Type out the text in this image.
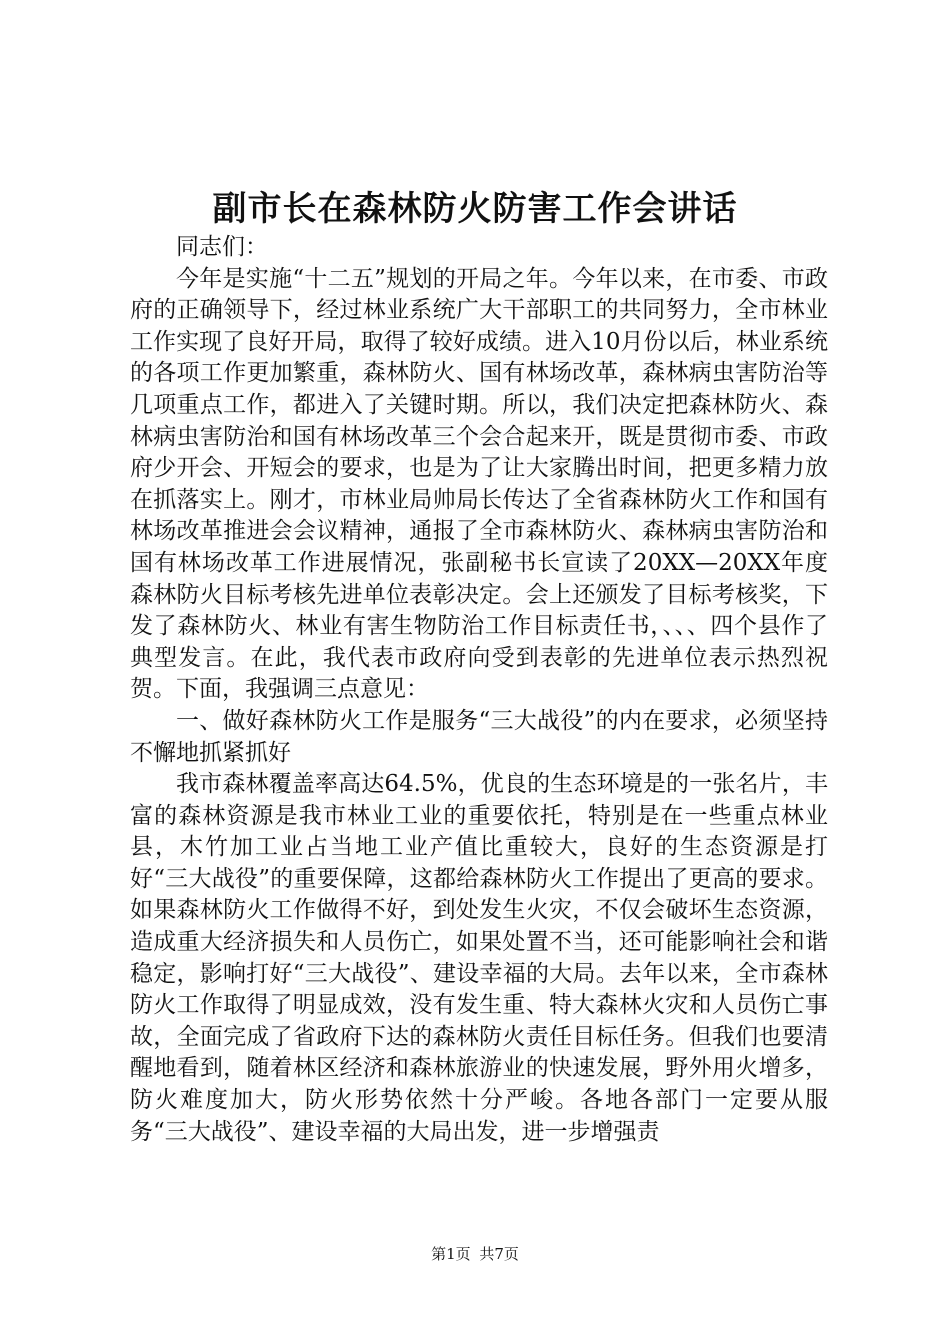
副市长在森林防火防害工作会讲话

同志们：

今年是实施“十二五”规划的开局之年。今年以来，在市委、市政府的正确领导下，经过林业系统广大干部职工的共同努力，全市林业工作实现了良好开局，取得了较好成绩。进入10月份以后，林业系统的各项工作更加繁重，森林防火、国有林场改革，森林病虫害防治等几项重点工作，都进入了关键时期。所以，我们决定把森林防火、森林病虫害防治和国有林场改革三个会合起来开，既是贯彻市委、市政府少开会、开短会的要求，也是为了让大家腾出时间，把更多精力放在抓落实上。刚才，市林业局帅局长传达了全省森林防火工作和国有林场改革推进会会议精神，通报了全市森林防火、森林病虫害防治和国有林场改革工作进展情况，张副秘书长宣读了20XX—20XX年度森林防火目标考核先进单位表彰决定。会上还颁发了目标考核奖，下发了森林防火、林业有害生物防治工作目标责任书，、、、四个县作了典型发言。在此，我代表市政府向受到表彰的先进单位表示热烈祝贺。下面，我强调三点意见：

一、做好森林防火工作是服务“三大战役”的内在要求，必须坚持不懈地抓紧抓好

我市森林覆盖率高达64.5%，优良的生态环境是的一张名片，丰富的森林资源是我市林业工业的重要依托，特别是在一些重点林业县，木竹加工业占当地工业产值比重较大，良好的生态资源是打好“三大战役”的重要保障，这都给森林防火工作提出了更高的要求。如果森林防火工作做得不好，到处发生火灾，不仅会破坏生态资源，造成重大经济损失和人员伤亡，如果处置不当，还可能影响社会和谐稳定，影响打好“三大战役”、建设幸福的大局。去年以来，全市森林防火工作取得了明显成效，没有发生重、特大森林火灾和人员伤亡事故，全面完成了省政府下达的森林防火责任目标任务。但我们也要清醒地看到，随着林区经济和森林旅游业的快速发展，野外用火增多，防火难度加大，防火形势依然十分严峻。各地各部门一定要从服务“三大战役”、建设幸福的大局出发，进一步增强责

第1页 共7页
